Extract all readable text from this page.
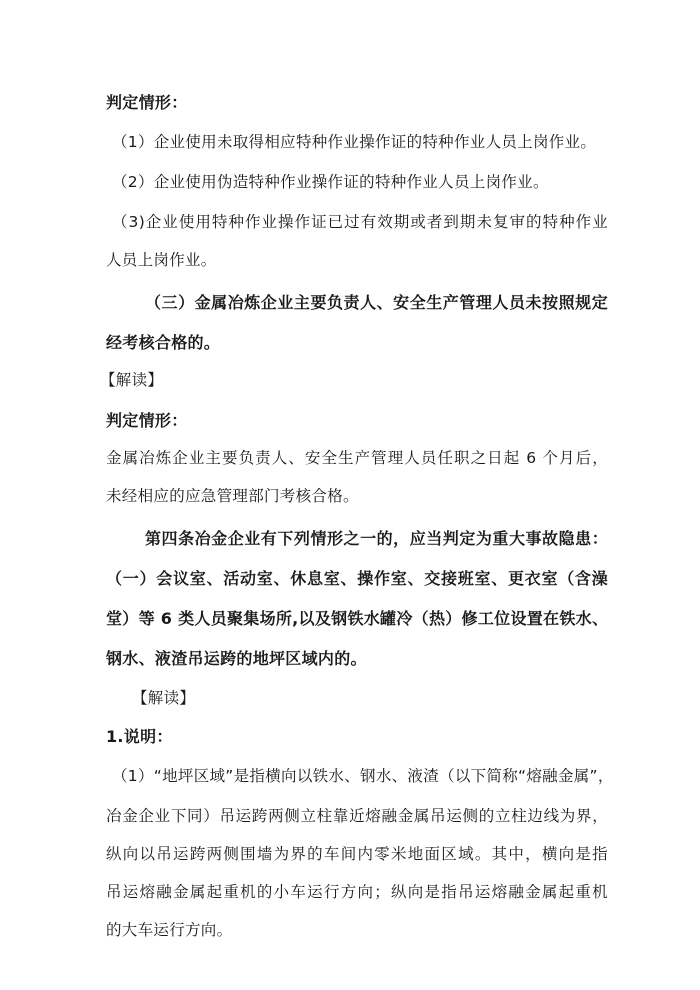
判定情形：
（1）企业使用未取得相应特种作业操作证的特种作业人员上岗作业。
（2）企业使用伪造特种作业操作证的特种作业人员上岗作业。
（3)企业使用特种作业操作证已过有效期或者到期未复审的特种作业
人员上岗作业。
（三）金属冶炼企业主要负责人、安全生产管理人员未按照规定
经考核合格的。
【解读】
判定情形：
金属冶炼企业主要负责人、安全生产管理人员任职之日起 6 个月后，
未经相应的应急管理部门考核合格。
第四条冶金企业有下列情形之一的，应当判定为重大事故隐患：
（一）会议室、活动室、休息室、操作室、交接班室、更衣室（含澡
堂）等 6 类人员聚集场所,以及钢铁水罐冷（热）修工位设置在铁水、
钢水、液渣吊运跨的地坪区域内的。
【解读】
1.说明：
（1）“地坪区域”是指横向以铁水、钢水、液渣（以下简称“熔融金属”，
冶金企业下同）吊运跨两侧立柱靠近熔融金属吊运侧的立柱边线为界，
纵向以吊运跨两侧围墙为界的车间内零米地面区域。其中，横向是指
吊运熔融金属起重机的小车运行方向；纵向是指吊运熔融金属起重机
的大车运行方向。
